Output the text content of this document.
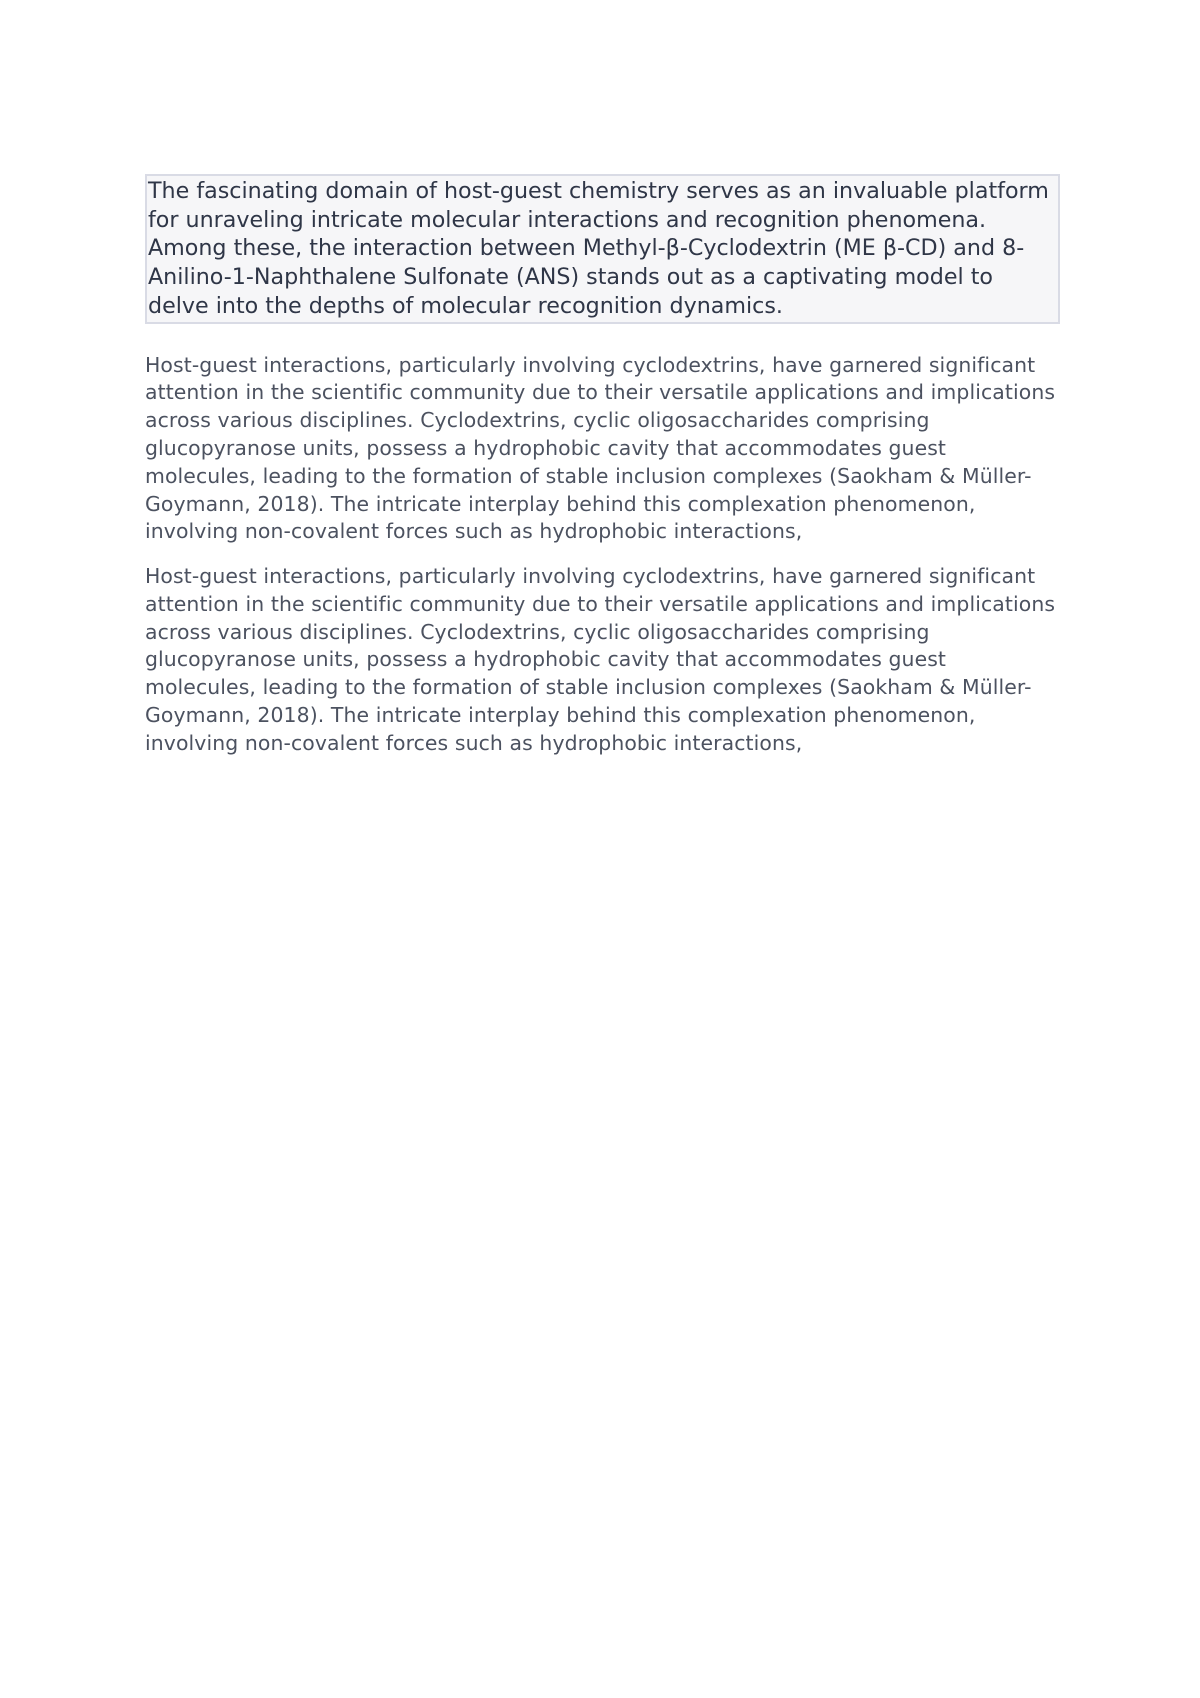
The fascinating domain of host-guest chemistry serves as an invaluable platform for unraveling intricate molecular interactions and recognition phenomena. Among these, the interaction between Methyl-β-Cyclodextrin (ME β-CD) and 8-Anilino-1-Naphthalene Sulfonate (ANS) stands out as a captivating model to delve into the depths of molecular recognition dynamics.

Host-guest interactions, particularly involving cyclodextrins, have garnered significant attention in the scientific community due to their versatile applications and implications across various disciplines. Cyclodextrins, cyclic oligosaccharides comprising glucopyranose units, possess a hydrophobic cavity that accommodates guest molecules, leading to the formation of stable inclusion complexes (Saokham & Müller-Goymann, 2018). The intricate interplay behind this complexation phenomenon, involving non-covalent forces such as hydrophobic interactions,

Host-guest interactions, particularly involving cyclodextrins, have garnered significant attention in the scientific community due to their versatile applications and implications across various disciplines. Cyclodextrins, cyclic oligosaccharides comprising glucopyranose units, possess a hydrophobic cavity that accommodates guest molecules, leading to the formation of stable inclusion complexes (Saokham & Müller-Goymann, 2018). The intricate interplay behind this complexation phenomenon, involving non-covalent forces such as hydrophobic interactions,
